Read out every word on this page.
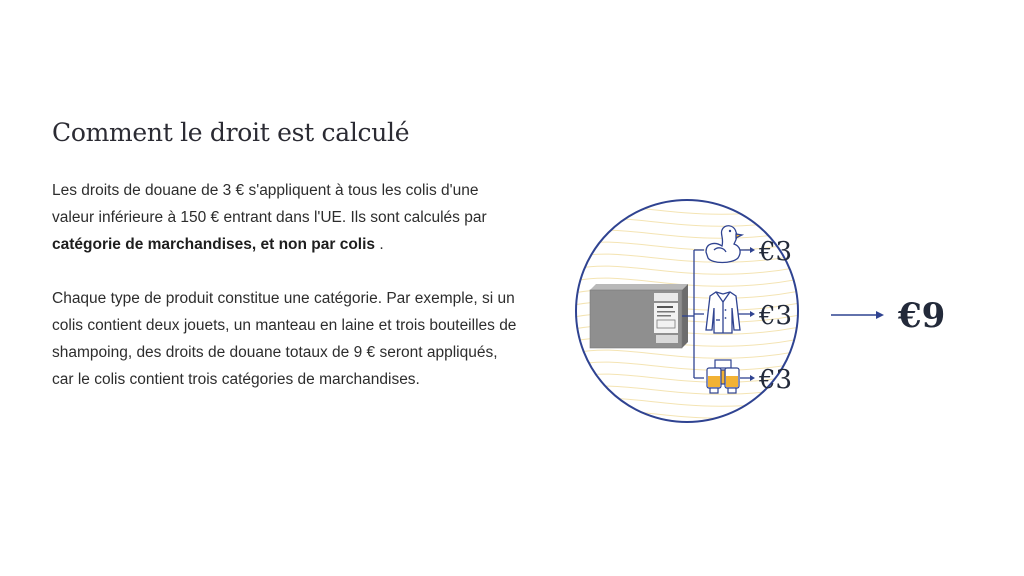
Comment le droit est calculé

Les droits de douane de 3 € s'appliquent à tous les colis d'une valeur inférieure à 150 € entrant dans l'UE. Ils sont calculés par catégorie de marchandises, et non par colis .

Chaque type de produit constitue une catégorie. Par exemple, si un colis contient deux jouets, un manteau en laine et trois bouteilles de shampoing, des droits de douane totaux de 9 € seront appliqués, car le colis contient trois catégories de marchandises.

€3
€3
€3
€9
